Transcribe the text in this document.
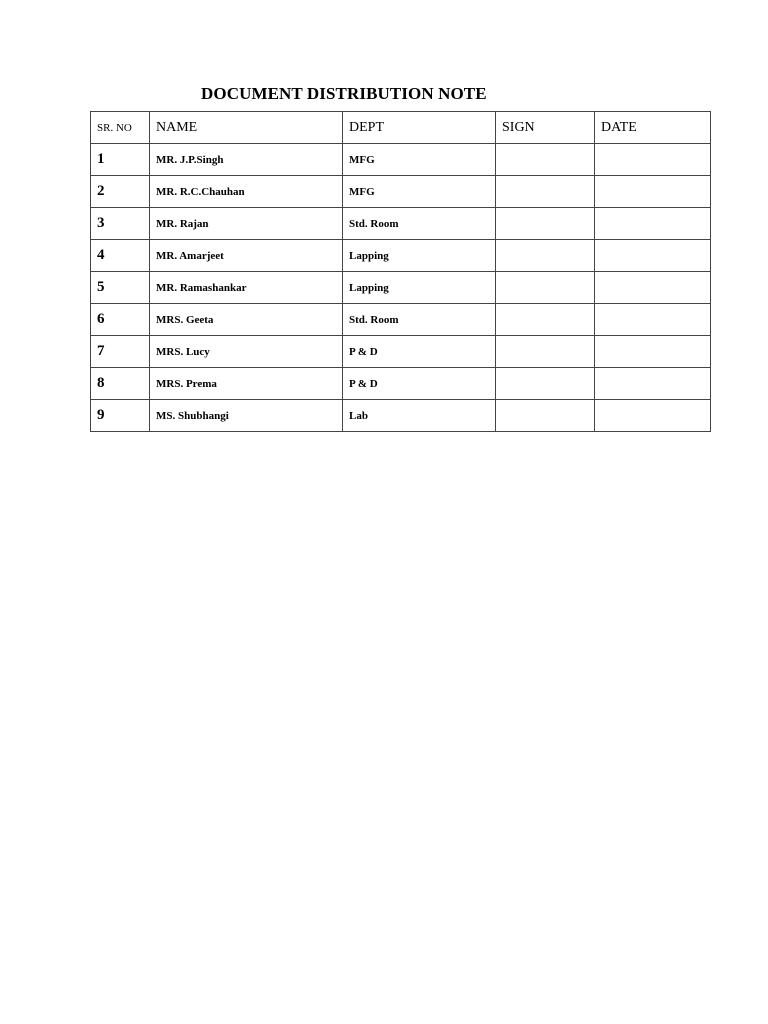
DOCUMENT DISTRIBUTION NOTE
SR. NO	NAME	DEPT	SIGN	DATE
1	MR. J.P.Singh	MFG		
2	MR. R.C.Chauhan	MFG		
3	MR. Rajan	Std. Room		
4	MR. Amarjeet	Lapping		
5	MR. Ramashankar	Lapping		
6	MRS. Geeta	Std. Room		
7	MRS. Lucy	P & D		
8	MRS. Prema	P & D		
9	MS. Shubhangi	Lab		
